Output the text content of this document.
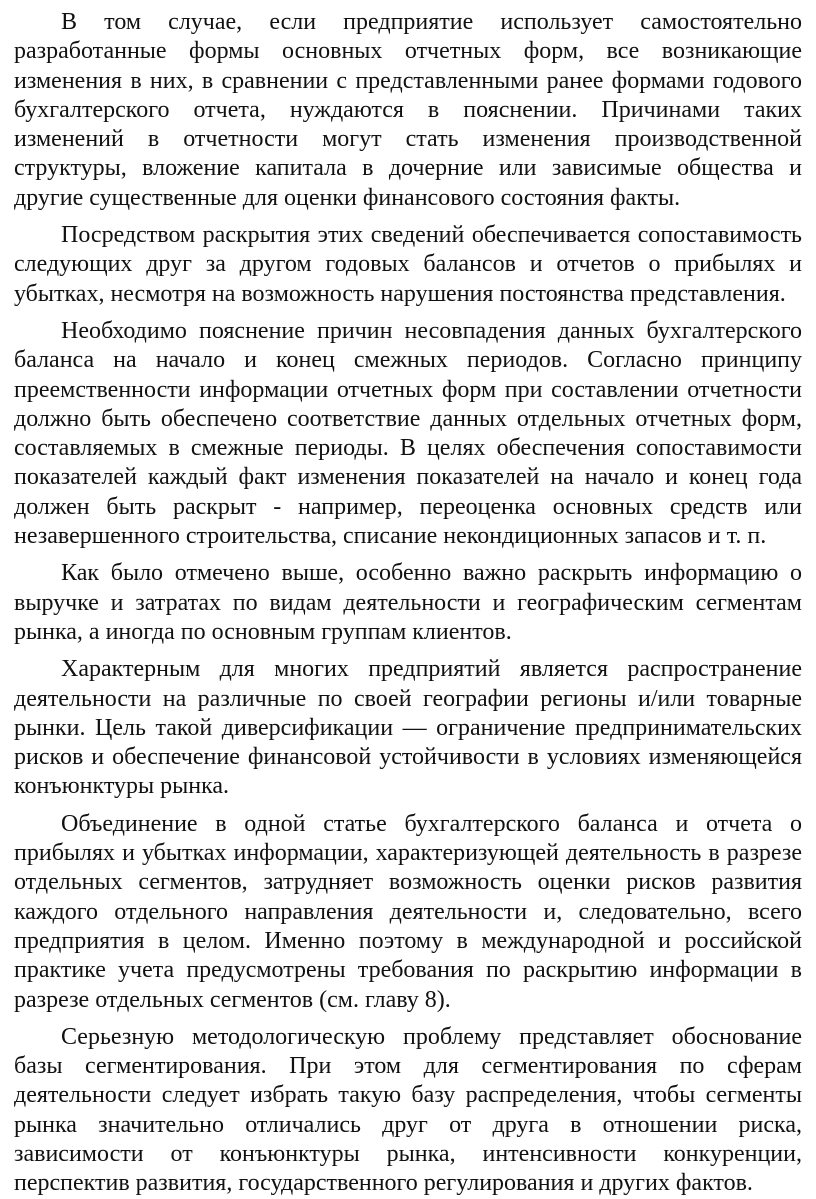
В том случае, если предприятие использует самостоятельно разработанные формы основных отчетных форм, все возникающие изменения в них, в сравнении с представленными ранее формами годового бухгалтерского отчета, нуждаются в пояснении. Причинами таких изменений в отчетности могут стать изменения производственной структуры, вложение капитала в дочерние или зависимые общества и другие существенные для оценки финансового состояния факты.

Посредством раскрытия этих сведений обеспечивается сопоставимость следующих друг за другом годовых балансов и отчетов о прибылях и убытках, несмотря на возможность нарушения постоянства представления.

Необходимо пояснение причин несовпадения данных бухгалтерского баланса на начало и конец смежных периодов. Согласно принципу преемственности информации отчетных форм при составлении отчетности должно быть обеспечено соответствие данных отдельных отчетных форм, составляемых в смежные периоды. В целях обеспечения сопоставимости показателей каждый факт изменения показателей на начало и конец года должен быть раскрыт - например, переоценка основных средств или незавершенного строительства, списание некондиционных запасов и т. п.

Как было отмечено выше, особенно важно раскрыть информацию о выручке и затратах по видам деятельности и географическим сегментам рынка, а иногда по основным группам клиентов.

Характерным для многих предприятий является распространение деятельности на различные по своей географии регионы и/или товарные рынки. Цель такой диверсификации — ограничение предпринимательских рисков и обеспечение финансовой устойчивости в условиях изменяющейся конъюнктуры рынка.

Объединение в одной статье бухгалтерского баланса и отчета о прибылях и убытках информации, характеризующей деятельность в разрезе отдельных сегментов, затрудняет возможность оценки рисков развития каждого отдельного направления деятельности и, следовательно, всего предприятия в целом. Именно поэтому в международной и российской практике учета предусмотрены требования по раскрытию информации в разрезе отдельных сегментов (см. главу 8).

Серьезную методологическую проблему представляет обоснование базы сегментирования. При этом для сегментирования по сферам деятельности следует избрать такую базу распределения, чтобы сегменты рынка значительно отличались друг от друга в отношении риска, зависимости от конъюнктуры рынка, интенсивности конкуренции, перспектив развития, государственного регулирования и других фактов.
